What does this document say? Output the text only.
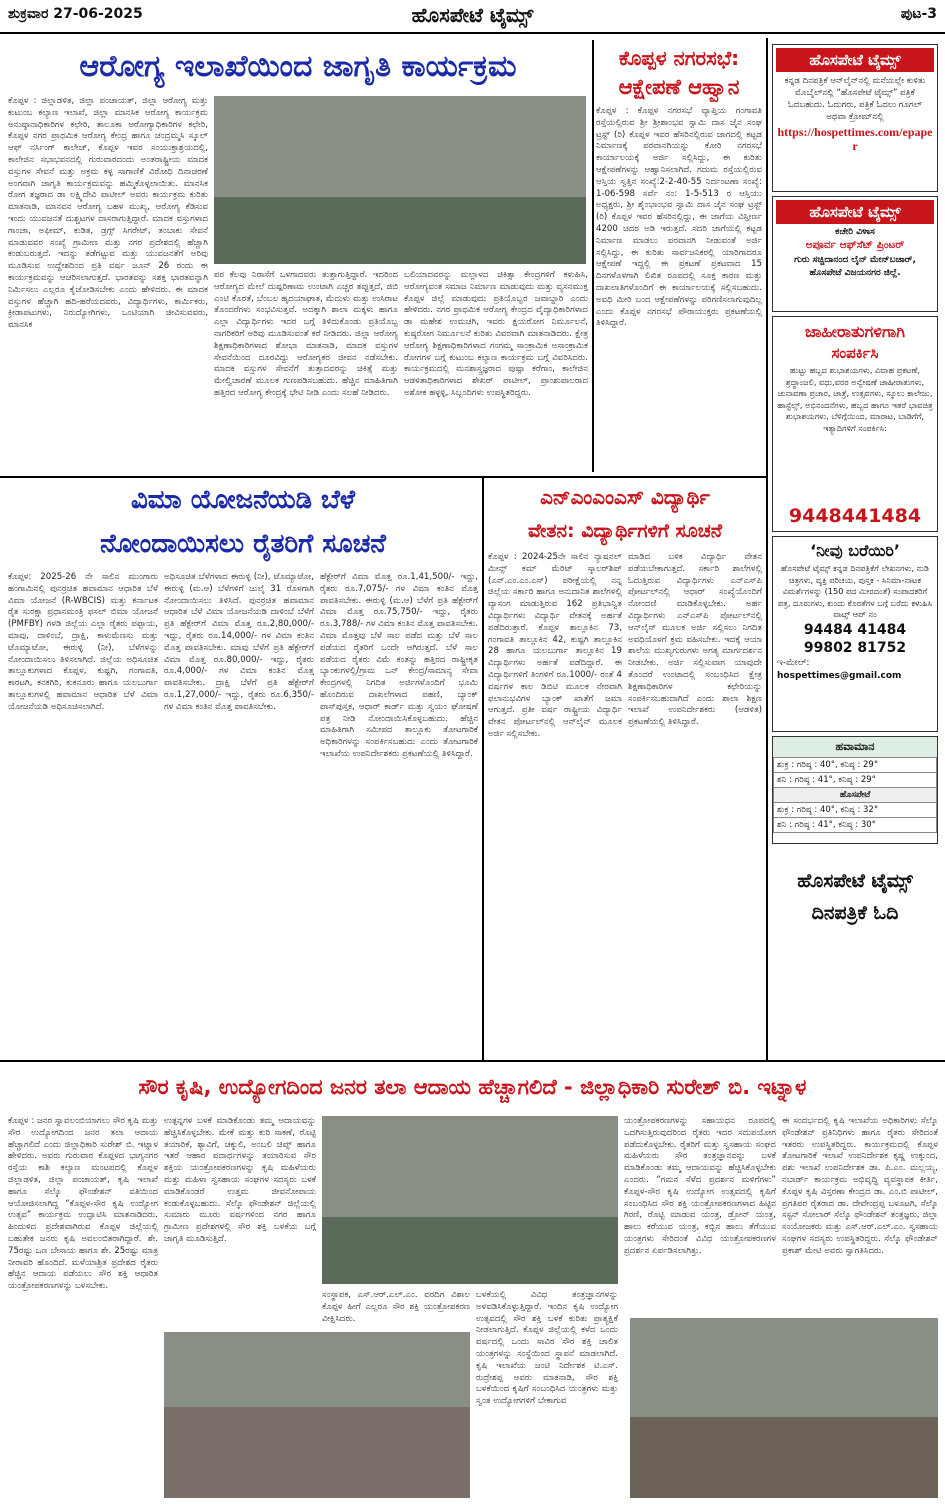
ಶುಕ್ರವಾರ 27-06-2025	ಹೊಸಪೇಟೆ ಟೈಮ್ಸ್	ಪುಟ-3
ಆರೋಗ್ಯ ಇಲಾಖೆಯಿಂದ ಜಾಗೃತಿ ಕಾರ್ಯಕ್ರಮ
ಕೊಪ್ಪಳ : ಜಿಲ್ಲಾಡಳಿತ, ಜಿಲ್ಲಾ ಪಂಚಾಯತ್, ಜಿಲ್ಲಾ ಆರೋಗ್ಯ ಮತ್ತು ಕುಟುಂಬ ಕಲ್ಯಾಣ ಇಲಾಖೆ, ಜಿಲ್ಲಾ ಮಾನಸಿಕ ಆರೋಗ್ಯ ಕಾರ್ಯಕ್ರಮ ಅನುಷ್ಠಾನಾಧಿಕಾರಿಗಳ ಕಛೇರಿ, ತಾಲೂಕಾ ಆರೋಗ್ಯಾಧಿಕಾರಿಗಳ ಕಛೇರಿ, ಕೊಪ್ಪಳ ನಗರ ಪ್ರಾಥಮಿಕ ಆರೋಗ್ಯ ಕೇಂದ್ರ ಹಾಗೂ ಚಂದ್ರಮ್ಮಸಿ ಸ್ಕೂಲ್ ಆಫ್ ನರ್ಸಿಂಗ್ ಕಾಲೇಜ್, ಕೊಪ್ಪಳ ಇವರ ಸಂಯುಕ್ತಾಶ್ರಯದಲ್ಲಿ, ಕಾಲೇಜಿನ ಸಭಾಭವನದಲ್ಲಿ ಗುರುವಾರದಂದು ಅಂತರಾಷ್ಟ್ರೀಯ ಮಾದಕ ವಸ್ತುಗಳ ಸೇವನೆ ಮತ್ತು ಅಕ್ರಮ ಕಳ್ಳ ಸಾಗಾಣಿಕೆ ವಿರೋಧಿ ದಿನಾಚರಣೆ ಅಂಗವಾಗಿ ಜಾಗೃತಿ ಕಾರ್ಯಕ್ರಮವನ್ನು ಹಮ್ಮಿಕೊಳ್ಳಲಾಯಿತು. ಮಾನಸಿಕ ರೋಗ ತಜ್ಞರಾದ ಡಾ ಲಕ್ಷ್ಮಿದೇವಿ ಪಾಟೀಲ್ ಅವರು ಕಾರ್ಯಕ್ರಮ ಕುರಿತು ಮಾತನಾಡಿ, ಮಾನವನ ಆರೋಗ್ಯ ಬಹಳ ಮುಖ್ಯ, ಆರೋಗ್ಯ ಕೆಡಿಸುವ ಇಂದು ಯುವಜನತೆ ದುಶ್ಚಟಗಳ ದಾಸರಾಗುತ್ತಿದ್ದಾರೆ. ಮಾದಕ ವಸ್ತುಗಳಾದ ಗಾಂಜಾ, ಅಫೀಮ್, ಕುಡಿತ, ಡ್ರಗ್ಸ್ ಸಿಗರೇಟ್, ತಂಬಾಕು ಸೇವನೆ ಮಾಡುವವರ ಸಂಖ್ಯೆ ಗ್ರಾಮೀಣ ಮತ್ತು ನಗರ ಪ್ರದೇಶದಲ್ಲಿ ಹೆಚ್ಚಾಗಿ ಕಂಡುಬರುತ್ತದೆ. ಇದನ್ನು ತಡೆಗಟ್ಟುವ ಮತ್ತು ಯುವಜನತೆಗೆ ಅರಿವು ಮೂಡಿಸುವ ಉದ್ದೇಶದಿಂದ ಪ್ರತಿ ವರ್ಷ ಜೂನ್ 26 ರಂದು ಈ ಕಾರ್ಯಕ್ರಮವನ್ನು ಆಚರಿಸಲಾಗುತ್ತದೆ. ಭಾರತವನ್ನು ಸಶಕ್ತ ಭಾರತವನ್ನಾಗಿ ನಿರ್ಮಿಸಲು ಎಲ್ಲರೂ ಕೈಜೋಡಿಸಬೇಕು ಎಂದು ಹೇಳಿದರು. ಈ ಮಾದಕ ವಸ್ತುಗಳ ಹೆಚ್ಚಾಗಿ ಹದಿ-ಹರೆಯದವರು, ವಿದ್ಯಾರ್ಥಿಗಳು, ಕಾರ್ಮಿಕರು, ಕ್ರೀಡಾಪಟುಗಳು, ನಿರುದ್ಯೋಗಿಗಳು, ಒಂಟಿಯಾಗಿ ಜೀವಿಸುವವರು, ಮಾನಸಿಕ
ಪರ ಕೆಲವು ನಿರಾಸೆಗೆ ಒಳಗಾದವರು ತುತ್ತಾಗುತ್ತಿದ್ದಾರೆ. ಇದರಿಂದ ಆರೋಗ್ಯದ ಮೇಲೆ ದುಷ್ಪರಿಣಾಮ ಉಂಟಾಗಿ ಎಚ್ಚರ ತಪ್ಪುತ್ತದೆ, ಜಿಬಿ ಎಂಟಿ ಕೊರತೆ, ಬೆಂಬಲ ಹೃದಯಾಘಾತ, ಮೆದುಳು ಮತ್ತು ಉಸಿರಾಟ ತೊಂದರೆಗಳು ಸಂಭವಿಸುತ್ತವೆ. ಅದಕ್ಕಾಗಿ ಶಾಲಾ ಮಕ್ಕಳು ಹಾಗೂ ಎಲ್ಲಾ ವಿದ್ಯಾರ್ಥಿಗಳು ಇದರ ಬಗ್ಗೆ ತಿಳಿದುಕೊಂಡು ಪ್ರತಿಯೊಬ್ಬ ನಾಗರಿಕರಿಗೆ ಅರಿವು ಮೂಡಿಸುವಂತೆ ಕರೆ ನೀಡಿದರು. ಜಿಲ್ಲಾ ಆರೋಗ್ಯ ಶಿಕ್ಷಣಾಧಿಕಾರಿಗಳಾದ ಶೋಭಾ ಮಾತನಾಡಿ, ಮಾದಕ ವಸ್ತುಗಳ ಸೇವನೆಯಿಂದ ದೂರವಿದ್ದು ಆರೋಗ್ಯಕರ ಜೀವನ ನಡೆಸಬೇಕು. ಮಾದಕ ವಸ್ತುಗಳ ಸೇವನೆಗೆ ತುತ್ತಾದವರನ್ನು ಚಿಕಿತ್ಸೆ ಮತ್ತು ಮೇಲ್ವಿಚಾರಣೆ ಮೂಲಕ ಗುಣಪಡಿಸಬಹುದು. ಹೆಚ್ಚಿನ ಮಾಹಿತಿಗಾಗಿ ಹತ್ತಿರದ ಆರೋಗ್ಯ ಕೇಂದ್ರಕ್ಕೆ ಭೇಟಿ ನೀಡಿ ಎಂದು ಸಲಹೆ ನೀಡಿದರು.
ಬಲಿಯಾದವರನ್ನು ಮಲ್ಲಾಳದ ಚಿಕಿತ್ಸಾ ಕೇಂದ್ರಗಳಿಗೆ ಕಳುಹಿಸಿ, ಆರೋಗ್ಯವಂತ ಸಮಾಜ ನಿರ್ಮಾಣ ಮಾಡುವುದು ಮತ್ತು ವ್ಯಸನಮುಕ್ತ ಕೊಪ್ಪಳ ಜಿಲ್ಲೆ ಮಾಡುವುದು ಪ್ರತಿಯೊಬ್ಬರ ಜವಾಬ್ದಾರಿ ಎಂದು ಹೇಳಿದರು. ನಗರ ಪ್ರಾಥಮಿಕ ಆರೋಗ್ಯ ಕೇಂದ್ರದ ವೈದ್ಯಾಧಿಕಾರಿಗಳಾದ ಡಾ ಮಹೇಶ ಉಮಚಗಿ, ಇವರು ಕ್ಷಯರೋಗ ನಿರ್ಮೂಲನೆ, ಕುಷ್ಠರೋಗ ನಿರ್ಮೂಲನೆ ಕುರಿತು ವಿವರವಾಗಿ ಮಾತನಾಡಿದರು. ಕ್ಷೇತ್ರ ಆರೋಗ್ಯ ಶಿಕ್ಷಣಾಧಿಕಾರಿಗಳಾದ ಗಂಗಮ್ಮ ಸಾಂಕ್ರಾಮಿಕ ಅಸಾಂಕ್ರಾಮಿಕ ರೋಗಗಳ ಬಗ್ಗೆ ಕುಟುಂಬ ಕಲ್ಯಾಣ ಕಾರ್ಯಕ್ರಮ ಬಗ್ಗೆ ವಿವರಿಸಿದರು. ಕಾರ್ಯಕ್ರಮದಲ್ಲಿ ಮನಶಾಸ್ತ್ರಜ್ಞರಾದ ಪುಷ್ಪಾ ಕರೆಗಾಂ, ಕಾಲೇಜಿನ ಆಡಳಿತಾಧಿಕಾರಿಗಳಾದ ಶೇಖರ್ ಪಾಟೀಲ್, ಪ್ರಾಂಶುಪಾಲರಾದ ಅಶೋಕ ಹಳ್ಳಳ್ಳಿ, ಸಿಬ್ಬಂದಿಗಳು ಉಪಸ್ಥಿತರಿದ್ದರು.
ಕೊಪ್ಪಳ ನಗರಸಭೆ:
ಆಕ್ಷೇಪಣೆ ಆಹ್ವಾನ
ಕೊಪ್ಪಳ : ಕೊಪ್ಪಳ ನಗರಸಭೆ ವ್ಯಾಪ್ತಿಯ ಗಂಗಾವತಿ ರಸ್ತೆಯಲ್ಲಿರುವ ಶ್ರೀ ಶ್ರೀಶಾಂಭವ ಸ್ವಾಮಿ ದಾಸ ಜೈನ ಸಂಘ ಟ್ರಸ್ಟ್ (ರಿ) ಕೊಪ್ಪಳ ಇವರ ಹೆಸರಿನಲ್ಲಿರುವ ಜಾಗದಲ್ಲಿ ಕಟ್ಟಡ ನಿರ್ಮಾಣಕ್ಕೆ ಪರವಾನಗಿಯನ್ನು ಕೋರಿ ನಗರಸಭೆ ಕಾರ್ಯಾಲಯಕ್ಕೆ ಅರ್ಜಿ ಸಲ್ಲಿಸಿದ್ದು, ಈ ಕುರಿತು ಆಕ್ಷೇಪಣೆಗಳನ್ನು ಆಹ್ವಾನಿಸಲಾಗಿದೆ. ಗದುಮ ರಸ್ತೆಯಲ್ಲಿರುವ ಆಸ್ತಿಯ ಸ್ವತ್ತಿನ ಸಂಖ್ಯೆ:2-2-40-55 ನಿರ್ದಂಟಣಾ ಸಂಖ್ಯೆ: 1-06-598 ಸರ್ವೆ ನಂ: 1-5-513 ರ ಆಸ್ತಿಯು ಅಧ್ಯಕ್ಷರು, ಶ್ರೀ ಶೈಂಭಾಂಭವ ಸ್ವಾಮಿ ದಾಸ ಜೈನ ಸಂಘ ಟ್ರಸ್ಟ್ (ರಿ) ಕೊಪ್ಪಳ ಇವರ ಹೆಸರಿನಲ್ಲಿದ್ದು, ಈ ಜಾಗೆಯ ವಿಸ್ತೀರ್ಣ 4200 ಚದರ ಅಡಿ ಇರುತ್ತದೆ. ಸದರಿ ಜಾಗೆಯಲ್ಲಿ ಕಟ್ಟಡ ನಿರ್ಮಾಣ ಮಾಡಲು ಪರವಾನಗಿ ನೀಡುವಂತೆ ಅರ್ಜಿ ಸಲ್ಲಿಸಿದ್ದು, ಈ ಕುರಿತು ಸಾರ್ವಜನಿಕರಲ್ಲಿ ಯಾರಿಗಾದರೂ ಆಕ್ಷೇಪಣೆ ಇದ್ದಲ್ಲಿ ಈ ಪ್ರಕಟಣೆ ಪ್ರಕಟವಾದ 15 ದಿನಗಳೊಳಗಾಗಿ ಲಿಖಿತ ರೂಪದಲ್ಲಿ ಸೂಕ್ತ ಕಾರಣ ಮತ್ತು ದಾಖಲಾತಿಗಳೊಂದಿಗೆ ಈ ಕಾರ್ಯಾಲಯಕ್ಕೆ ಸಲ್ಲಿಸಬಹುದು. ಅವಧಿ ಮೀರಿ ಬಂದ ಆಕ್ಷೇಪಣೆಗಳನ್ನು ಪರಿಗಣಿಸಲಾಗುವುದಿಲ್ಲ ಎಂದು ಕೊಪ್ಪಳ ನಗರಸಭೆ ಪೌರಾಯುಕ್ತರು ಪ್ರಕಟಣೆಯಲ್ಲಿ ತಿಳಿಸಿದ್ದಾರೆ.
ವಿಮಾ ಯೋಜನೆಯಡಿ ಬೆಳೆ
ನೋಂದಾಯಿಸಲು ರೈತರಿಗೆ ಸೂಚನೆ
ಕೊಪ್ಪಳ: 2025-26 ನೇ ಸಾಲಿನ ಮುಂಗಾರು ಹಂಗಾಮಿನಲ್ಲಿ ಪುನರ್ರಚಿತ ಹವಾಮಾನ ಆಧಾರಿತ ಬೆಳೆ ವಿಮಾ ಯೋಜನೆ (R-WBCIS) ಮತ್ತು ಕರ್ನಾಟಕ ರೈತ ಸುರಕ್ಷಾ ಪ್ರಧಾನಮಂತ್ರಿ ಫಸಲ್ ಬಿಮಾ ಯೋಜನೆ (PMFBY) ಗಳಡಿ ಜಿಲ್ಲೆಯ ಎಲ್ಲಾ ರೈತರು ಪಪ್ಪಾಯ, ಮಾವು, ದಾಳಿಂಬೆ, ದ್ರಾಕ್ಷಿ, ಕಾಳುಮೆಣಸು ಮತ್ತು ಟೊಮ್ಯಾಟೋ, ಈರುಳ್ಳಿ (ನೀ), ಬೆಳೆಗಳನ್ನು ನೋಂದಾಯಿಸಲು ತಿಳಿಸಲಾಗಿದೆ. ಜಿಲ್ಲೆಯ ಅಧಿಸೂಚಿತ ತಾಲ್ಲೂಕುಗಳಾದ ಕೊಪ್ಪಳ, ಕುಷ್ಟಗಿ, ಗಂಗಾವತಿ, ಕಾರಟಗಿ, ಕನಕಗಿರಿ, ಕುಕನೂರು ಹಾಗೂ ಯಲಬುರ್ಗಾ ತಾಲ್ಲೂಕುಗಳಲ್ಲಿ ಹವಾಮಾನ ಆಧಾರಿತ ಬೆಳೆ ವಿಮಾ ಯೋಜನೆಯಡಿ ಅಧಿಸೂಚಿಸಲಾಗಿದೆ.
ಅಧಿಸೂಚಿತ ಬೆಳೆಗಳಾದ ಈರುಳ್ಳಿ (ನೀ), ಟೊಮ್ಯಾಟೋ, ಈರುಳ್ಳಿ (ಮ.ಆ) ಬೆಳೆಗಳಿಗೆ ಜುಲೈ 31 ರೊಳಗಾಗಿ ನೋಂದಾಯಿಸಲು ತಿಳಿಸಿದೆ. ಪುನರ್ರಚಿತ ಹವಾಮಾನ ಆಧಾರಿತ ಬೆಳೆ ವಿಮಾ ಯೋಜನೆಯಡಿ ದಾಳಿಂಬೆ ಬೆಳೆಗೆ ಪ್ರತಿ ಹೆಕ್ಟೇರ್‌ಗೆ ವಿಮಾ ಮೊತ್ತ ರೂ.2,80,000/- ಇದ್ದು, ರೈತರು ರೂ.14,000/- ಗಳ ವಿಮಾ ಕಂತಿನ ಮೊತ್ತ ಪಾವತಿಸಬೇಕು. ಮಾವು ಬೆಳೆಗೆ ಪ್ರತಿ ಹೆಕ್ಟೇರ್‌ಗೆ ವಿಮಾ ಮೊತ್ತ ರೂ.80,000/- ಇದ್ದು, ರೈತರು ರೂ.4,000/- ಗಳ ವಿಮಾ ಕಂತಿನ ಮೊತ್ತ ಪಾವತಿಸಬೇಕು. ದ್ರಾಕ್ಷಿ ಬೆಳೆಗೆ ಪ್ರತಿ ಹೆಕ್ಟೇರ್‌ಗೆ ರೂ.1,27,000/- ಇದ್ದು, ರೈತರು ರೂ.6,350/- ಗಳ ವಿಮಾ ಕಂತಿನ ಮೊತ್ತ ಪಾವತಿಸಬೇಕು.
ಹೆಕ್ಟೇರ್‌ಗೆ ವಿಮಾ ಮೊತ್ತ ರೂ.1,41,500/- ಇದ್ದು, ರೈತರು ರೂ.7,075/- ಗಳ ವಿಮಾ ಕಂತಿನ ಮೊತ್ತ ಪಾವತಿಸಬೇಕು. ಈರುಳ್ಳಿ (ಮ.ಆ) ಬೆಳೆಗೆ ಪ್ರತಿ ಹೆಕ್ಟೇರ್‌ಗೆ ವಿಮಾ ಮೊತ್ತ ರೂ.75,750/- ಇದ್ದು, ರೈತರು ರೂ.3,788/- ಗಳ ವಿಮಾ ಕಂತಿನ ಮೊತ್ತ ಪಾವತಿಸಬೇಕು. ವಿಮಾ ಮೊತ್ತವು ಬೆಳೆ ಸಾಲ ಪಡೆದ ಮತ್ತು ಬೆಳೆ ಸಾಲ ಪಡೆಯದ ರೈತರಿಗೆ ಒಂದೇ ಆಗಿರುತ್ತದೆ. ಬೆಳೆ ಸಾಲ ಪಡೆಯದ ರೈತರು ವಿಮೆ ಕಂತನ್ನು ಹತ್ತಿರದ ರಾಷ್ಟ್ರೀಕೃತ ಬ್ಯಾಂಕುಗಳಲ್ಲಿ/ಗ್ರಾಮ ಒನ್ ಕೇಂದ್ರ/ಸಾಮಾನ್ಯ ಸೇವಾ ಕೇಂದ್ರಗಳಲ್ಲಿ ನಿಗದಿತ ಅರ್ಜಿಗಳೊಂದಿಗೆ ಭೂಮಿ ಹೊಂದಿರುವ ದಾಖಲೆಗಳಾದ ಪಹಣಿ, ಬ್ಯಾಂಕ್ ಪಾಸ್‌ಪುಸ್ತಕ, ಆಧಾರ್ ಕಾರ್ಡ್ ಮತ್ತು ಸ್ವಯಂ ಘೋಷಣೆ ಪತ್ರ ನೀಡಿ ನೋಂದಾಯಿಸಿಕೊಳ್ಳಬಹುದು. ಹೆಚ್ಚಿನ ಮಾಹಿತಿಗಾಗಿ ಸಮೀಪದ ತಾಲ್ಲೂಕು ತೋಟಗಾರಿಕೆ ಅಧಿಕಾರಿಗಳನ್ನು ಸಂಪರ್ಕಿಸಬಹುದು ಎಂದು ತೋಟಗಾರಿಕೆ ಇಲಾಖೆಯ ಉಪನಿರ್ದೇಶಕರು ಪ್ರಕಟಣೆಯಲ್ಲಿ ತಿಳಿಸಿದ್ದಾರೆ.
ಎನ್‌ಎಂಎಂಎಸ್ ವಿದ್ಯಾರ್ಥಿ
ವೇತನ: ವಿದ್ಯಾರ್ಥಿಗಳಿಗೆ ಸೂಚನೆ
ಕೊಪ್ಪಳ : 2024-25ನೇ ಸಾಲಿನ ನ್ಯಾಷನಲ್ ಮೀನ್ಸ್ ಕಮ್ ಮೆರಿಟ್ ಸ್ಕಾಲರ್‌ಶಿಪ್ (ಎನ್.ಎಂ.ಎಂ.ಎಸ್) ಪರೀಕ್ಷೆಯಲ್ಲಿ ನನ್ನ ಜಿಲ್ಲೆಯ ಸರ್ಕಾರಿ ಹಾಗೂ ಅನುದಾನಿತ ಶಾಲೆಗಳಲ್ಲಿ ವ್ಯಾಸಂಗ ಮಾಡುತ್ತಿರುವ 162 ಪ್ರತಿಭಾನ್ವಿತ ವಿದ್ಯಾರ್ಥಿಗಳು ವಿದ್ಯಾರ್ಥಿ ವೇತನಕ್ಕೆ ಅರ್ಹತೆ ಪಡೆದಿರುತ್ತಾರೆ. ಕೊಪ್ಪಳ ತಾಲ್ಲೂಕಿನ 73, ಗಂಗಾವತಿ ತಾಲ್ಲೂಕಿನ 42, ಕುಷ್ಟಗಿ ತಾಲ್ಲೂಕಿನ 28 ಹಾಗೂ ಯಲಬುರ್ಗಾ ತಾಲ್ಲೂಕಿನ 19 ವಿದ್ಯಾರ್ಥಿಗಳು ಅರ್ಹತೆ ಪಡೆದಿದ್ದಾರೆ. ಈ ವಿದ್ಯಾರ್ಥಿಗಳಿಗೆ ತಿಂಗಳಿಗೆ ರೂ.1000/- ರಂತೆ 4 ವರ್ಷಗಳ ಕಾಲ ಡಿಬಿಟಿ ಮೂಲಕ ನೇರವಾಗಿ ಫಲಾನುಭವಿಗಳ ಬ್ಯಾಂಕ್ ಖಾತೆಗೆ ಜಮಾ ಆಗುತ್ತದೆ. ಪ್ರತೀ ವರ್ಷ ರಾಷ್ಟ್ರೀಯ ವಿದ್ಯಾರ್ಥಿ ವೇತನ ಪೋರ್ಟಲ್‌ನಲ್ಲಿ ಆನ್‌ಲೈನ್ ಮೂಲಕ ಅರ್ಜಿ ಸಲ್ಲಿಸಬೇಕು.
ಮಾಡಿದ ಬಳಿಕ ವಿದ್ಯಾರ್ಥಿ ವೇತನ ಪಡೆಯಬೇಕಾಗುತ್ತದೆ. ಸರ್ಕಾರಿ ಶಾಲೆಗಳಲ್ಲಿ ಓದುತ್ತಿರುವ ವಿದ್ಯಾರ್ಥಿಗಳು ಎನ್‌ಎಸ್‌ಪಿ ಪೋರ್ಟಲ್‌ನಲ್ಲಿ ಆಧಾರ್ ಸಂಖ್ಯೆಯೊಂದಿಗೆ ನೋಂದಣಿ ಮಾಡಿಕೊಳ್ಳಬೇಕು. ಅರ್ಹ ವಿದ್ಯಾರ್ಥಿಗಳು ಎನ್‌ಎಸ್‌ಪಿ ಪೋರ್ಟಲ್‌ನಲ್ಲಿ ಆನ್‌ಲೈನ್ ಮೂಲಕ ಅರ್ಜಿ ಸಲ್ಲಿಸಲು ನಿಗದಿತ ಅವಧಿಯೊಳಗೆ ಕ್ರಮ ವಹಿಸಬೇಕು. ಇದಕ್ಕೆ ಆಯಾ ಶಾಲೆಯ ಮುಖ್ಯಗುರುಗಳು ಅಗತ್ಯ ಮಾರ್ಗದರ್ಶನ ನೀಡಬೇಕು. ಅರ್ಜಿ ಸಲ್ಲಿಸುವಾಗ ಯಾವುದೇ ತೊಂದರೆ ಉಂಟಾದಲ್ಲಿ ಸಂಬಂಧಿಸಿದ ಕ್ಷೇತ್ರ ಶಿಕ್ಷಣಾಧಿಕಾರಿಗಳ ಕಛೇರಿಯನ್ನು ಸಂಪರ್ಕಿಸಬಹುದಾಗಿದೆ ಎಂದು ಶಾಲಾ ಶಿಕ್ಷಣ ಇಲಾಖೆ ಉಪನಿರ್ದೇಶಕರು (ಆಡಳಿತ) ಪ್ರಕಟಣೆಯಲ್ಲಿ ತಿಳಿಸಿದ್ದಾರೆ.
ಹೊಸಪೇಟೆ ಟೈಮ್ಸ್
ಕನ್ನಡ ದಿನಪತ್ರಿಕೆ ಆನ್‌ಲೈನ್‌ನಲ್ಲಿ ಮನೆಯಲ್ಲೇ ಕುಳಿತು ಮೊಬೈಲ್‌ನಲ್ಲಿ “ಹೊಸಪೇಟೆ ಟೈಮ್ಸ್” ಪತ್ರಿಕೆ ಓದಬಹುದು. ಓದುಗರು, ಪತ್ರಿಕೆ ಓದಲು ಗೂಗಲ್ ಅಥವಾ ಕ್ರೋಮ್‌ನಲ್ಲಿ
https://hospettimes.com/epaper
ಹೊಸಪೇಟೆ ಟೈಮ್ಸ್
ಕಚೇರಿ ವಿಳಾಸ
ಅಪೂರ್ವ ಆಫ್‌ಸೆಟ್ ಪ್ರಿಂಟರ್
ಗುರು ಸಚ್ಚಿದಾನಂದ ಲೈನ್ ಮೇನ್‌ಬಜಾರ್, ಹೊಸಪೇಟೆ ವಿಜಯನಗರ ಜಿಲ್ಲೆ.
ಜಾಹೀರಾತುಗಳಿಗಾಗಿ
ಸಂಪರ್ಕಿಸಿ
ಹುಟ್ಟು ಹಬ್ಬದ ಶುಭಾಶಯಗಳು, ವಿವಾಹ ಪ್ರಕಟಣೆ, ಶ್ರದ್ಧಾಂಜಲಿ, ವಧು,ವರರ ಅನ್ವೇಷಣೆ ಜಾಹೀರಾತುಗಳು, ಚುನಾವಣಾ ಪ್ರಚಾರ, ಜಾತ್ರೆ, ಉತ್ಸವಗಳು, ಸ್ಕೂಲು ಕಾಲೇಜು, ಹಾಸ್ಟೆಲ್ಸ್, ಅಭಿನಂದನೆಗಳು, ಹಬ್ಬದ ಹಾಗೂ ಇತರೆ ಭಾವಚಿತ್ರ ಶುಭಾಶಯಗಳು, ಬೆಳಿಗ್ಗೆಯಿಂದ, ಮಾರಾಟ, ಬಾಡಿಗೆಗೆ, ಇತ್ಯಾದಿಗಳಿಗೆ ಸಂಪರ್ಕಿಸಿ:
9448441484
‘ನೀವು ಬರೆಯಿರಿ’
ಹೊಸಪೇಟೆ ಟೈಮ್ಸ್ ಕನ್ನಡ ದಿನಪತ್ರಿಕೆಗೆ ಲೇಖನಗಳು, ನುಡಿ ಚಿತ್ರಗಳು, ವ್ಯಕ್ತಿ ಪರಿಚಯ, ಪುಸ್ತಕ - ಸಿನಿಮಾ-ನಾಟಕ ವಿಮರ್ಶೆಗಳನ್ನು (150 ಪದ ಮೀರದಂತೆ) ಸಂಪಾದಕರಿಗೆ ಪತ್ರ, ದೂರುಗಳು, ಕುಂದು ಕೊರತೆಗಳ ಬಗ್ಗೆ ಬರೆದು ಕಳುಹಿಸಿ ವಾಟ್ಸ್ ಆಪ್ ನಂ
94484 41484
99802 81752
ಇ-ಮೇಲ್: hospettimes@gmail.com
ಹವಾಮಾನ
ಶುಕ್ರ : ಗರಿಷ್ಠ : 40°, ಕನಿಷ್ಠ : 29°
ಶನಿ : ಗರಿಷ್ಠ : 41°, ಕನಿಷ್ಠ : 29°
ಹೊಸಪೇಟೆ
ಶುಕ್ರ : ಗರಿಷ್ಠ : 40°, ಕನಿಷ್ಠ : 32°
ಶನಿ : ಗರಿಷ್ಠ : 41°, ಕನಿಷ್ಠ : 30°
ಹೊಸಪೇಟೆ ಟೈಮ್ಸ್
ದಿನಪತ್ರಿಕೆ ಓದಿ
ಸೌರ ಕೃಷಿ, ಉದ್ಯೋಗದಿಂದ ಜನರ ತಲಾ ಆದಾಯ ಹೆಚ್ಚಾಗಲಿದೆ - ಜಿಲ್ಲಾಧಿಕಾರಿ ಸುರೇಶ್ ಬಿ. ಇಟ್ನಾಳ
ಕೊಪ್ಪಳ : ಜನರ ಸ್ವಾವಲಂಬಿಯಾಗಲು ಸೌರ ಕೃಷಿ ಮತ್ತು ಸೌರ ಉದ್ಯೋಗದಿಂದ ಜನರ ತಲಾ ಆದಾಯ ಹೆಚ್ಚಾಗಲಿದೆ ಎಂದು ಜಿಲ್ಲಾಧಿಕಾರಿ ಸುರೇಶ್ ಬಿ. ಇಟ್ನಾಳ ಹೇಳಿದರು. ಅವರು ಗುರುವಾರ ಕೊಪ್ಪಳದ ಭಾಗ್ಯನಗರ ರಸ್ತೆಯ ಕಾಶಿ ಕಲ್ಯಾಣ ಮಂಟಪದಲ್ಲಿ ಕೊಪ್ಪಳ ಜಿಲ್ಲಾಡಳಿತ, ಜಿಲ್ಲಾ ಪಂಚಾಯತ್, ಕೃಷಿ ಇಲಾಖೆ ಹಾಗೂ ಸೆಲ್ಕೊ ಫೌಂಡೇಶನ್ ವತಿಯಿಂದ ಆಯೋಜಿಸಲಾಗಿದ್ದ “ಕೊಪ್ಪಳ-ಸೌರ ಕೃಷಿ ಉದ್ಯೋಗ ಉತ್ಸವ” ಕಾರ್ಯಕ್ರಮ ಉದ್ಘಾಟಿಸಿ ಮಾತನಾಡಿದರು. ಹಿಂದುಳಿದ ಪ್ರದೇಶವಾಗಿರುವ ಕೊಪ್ಪಳ ಜಿಲ್ಲೆಯಲ್ಲಿ ಬಹುತೇಕ ಜನರು ಕೃಷಿ ಅವಲಂಬಿತರಾಗಿದ್ದಾರೆ. ಶೇ. 75ರಷ್ಟು ಒಣ ಬೇಸಾಯ ಹಾಗೂ ಶೇ. 25ರಷ್ಟು ಮಾತ್ರ ನೀರಾವರಿ ಹೊಂದಿದೆ. ಮಳೆಯಾಶ್ರಿತ ಪ್ರದೇಶದ ರೈತರು ಹೆಚ್ಚಿನ ಆದಾಯ ಪಡೆಯಲು ಸೌರ ಶಕ್ತಿ ಆಧಾರಿತ ಯಂತ್ರೋಪಕರಣಗಳನ್ನು ಬಳಸಬೇಕು.
ಉತ್ಪನ್ನಗಳ ಬಳಕೆ ಮಾಡಿಕೊಂಡು ತಮ್ಮ ಆದಾಯವನ್ನು ಹೆಚ್ಚಿಸಿಕೊಳ್ಳಬೇಕು. ಮೇಕೆ ಮತ್ತು ಕುರಿ ಸಾಕಣೆ, ರೊಟ್ಟಿ ತಯಾರಿಕೆ, ಶ್ಯಾವಿಗೆ, ಚಕ್ಕುಲಿ, ಅಂಬಲಿ ಚಿಪ್ಸ್ ಹಾಗೂ ಇತರೆ ಆಹಾರ ಪದಾರ್ಥಗಳನ್ನು ತಯಾರಿಸುವ ಸೌರ ಶಕ್ತಿಯ ಯಂತ್ರೋಪಕರಣಗಳನ್ನು ಕೃಷಿ ಮಹಿಳೆಯರು ಮತ್ತು ಮಹಿಳಾ ಸ್ವಸಹಾಯ ಸಂಘಗಳ ಸದಸ್ಯರು ಬಳಕೆ ಮಾಡಿಕೊಂಡರೆ ಉತ್ತಮ ಜೀವನೋಪಾಯ ಕಂಡುಕೊಳ್ಳಬಹುದು. ಸೆಲ್ಕೊ ಫೌಂಡೇಶನ್ ಜಿಲ್ಲೆಯಲ್ಲಿ ಸುಮಾರು ಮೂರು ವರ್ಷಗಳಿಂದ ನಗರ ಹಾಗೂ ಗ್ರಾಮೀಣ ಪ್ರದೇಶಗಳಲ್ಲಿ ಸೌರ ಶಕ್ತಿ ಬಳಕೆಯ ಬಗ್ಗೆ ಜಾಗೃತಿ ಮೂಡಿಸುತ್ತಿದೆ.
ಸಂಸ್ಥಾಪಕ, ಎಸ್.ಆರ್.ಎಲ್.ಎಂ. ವರದಿಗ ವಿಶಾಲ ಕೊಪ್ಪಳ ಹೀಗೆ ಎಲ್ಲರೂ ಸೌರ ಶಕ್ತಿ ಯಂತ್ರೋಪಕರಣ ವೀಕ್ಷಿಸಿದರು.
ಬಳಕೆಯಲ್ಲಿ ವಿವಿಧ ತಂತ್ರಜ್ಞಾನಗಳನ್ನು ಅಳವಡಿಸಿಕೊಳ್ಳುತ್ತಿದ್ದಾರೆ. ಇಂದಿನ ಕೃಷಿ ಉದ್ಯೋಗ ಉತ್ಸವದಲ್ಲಿ ಸೌರ ಶಕ್ತಿ ಬಳಕೆ ಕುರಿತು ಪ್ರಾತ್ಯಕ್ಷಿಕೆ ನೀಡಲಾಗುತ್ತಿದೆ. ಕೊಪ್ಪಳ ಜಿಲ್ಲೆಯಲ್ಲಿ ಕಳೆದ ಒಂದು ವರ್ಷದಲ್ಲಿ ಒಂದು ಸಾವಿರ ಸೌರ ಶಕ್ತಿ ಚಾಲಿತ ಯಂತ್ರಗಳನ್ನು ಸಂಸ್ಥೆಯಿಂದ ಸ್ಥಾಪನೆ ಮಾಡಲಾಗಿದೆ. ಕೃಷಿ ಇಲಾಖೆಯ ಜಂಟಿ ನಿರ್ದೇಶಕ ಟಿ.ಎಸ್. ರುದ್ರೇಶಪ್ಪ ಅವರು ಮಾತನಾಡಿ, ಸೌರ ಶಕ್ತಿ ಬಳಕೆಯಿಂದ ಕೃಷಿಗೆ ಸಂಬಂಧಿಸಿದ ಯಂತ್ರಗಳು ಮತ್ತು ಸ್ವಂತ ಉದ್ಯೋಗಗಳಿಗೆ ಬೇಕಾಗುವ
ಯಂತ್ರೋಪಕರಣಗಳನ್ನು ಸಹಾಯಧನ ರೂಪದಲ್ಲಿ ಒದಗಿಸುತ್ತಿರುವುದರಿಂದ ರೈತರು ಇದರ ಸದುಪಯೋಗ ಪಡೆದುಕೊಳ್ಳಬೇಕು. ರೈತರಿಗೆ ಮತ್ತು ಸ್ವಸಹಾಯ ಸಂಘದ ಮಹಿಳೆಯರು ಸೌರ ತಂತ್ರಜ್ಞಾನವನ್ನು ಬಳಕೆ ಮಾಡಿಕೊಂಡು ತಮ್ಮ ಆದಾಯವನ್ನು ಹೆಚ್ಚಿಸಿಕೊಳ್ಳಬೇಕು ಎಂದರು. “ಗಮನ ಸೆಳೆದ ಪ್ರದರ್ಶನ ಮಳಿಗೆಗಳು” ಕೊಪ್ಪಳ-ಸೌರ ಕೃಷಿ ಉದ್ಯೋಗ ಉತ್ಸವದಲ್ಲಿ ಕೃಷಿಗೆ ಸಂಬಂಧಿಸಿದ ಸೌರ ಶಕ್ತಿ ಯಂತ್ರೋಪಕರಣಗಳಾದ ಹಿಟ್ಟಿನ ಗಿರಣಿ, ರೊಟ್ಟಿ ಮಾಡುವ ಯಂತ್ರ, ಡ್ರೋನ್ ಯಂತ್ರ, ಹಾಲು ಕರೆಯುವ ಯಂತ್ರ, ಕಬ್ಬಿನ ಹಾಲು ತೆಗೆಯುವ ಯಂತ್ರಗಳು ಸೇರಿದಂತೆ ವಿವಿಧ ಯಂತ್ರೋಪಕರಣಗಳ ಪ್ರದರ್ಶನ ಏರ್ಪಡಿಸಲಾಗಿತ್ತು.
ಈ ಸಂದರ್ಭದಲ್ಲಿ ಕೃಷಿ ಇಲಾಖೆಯ ಅಧಿಕಾರಿಗಳು ಸೆಲ್ಕೊ ಫೌಂಡೇಶನ್ ಪ್ರತಿನಿಧಿಗಳು ಹಾಗೂ ರೈತರು ಸೇರಿದಂತೆ ಇತರರು ಉಪಸ್ಥಿತರಿದ್ದರು. ಕಾರ್ಯಕ್ರಮದಲ್ಲಿ ಕೊಪ್ಪಳ ತೋಟಗಾರಿಕೆ ಇಲಾಖೆ ಉಪನಿರ್ದೇಶಕ ಕೃಷ್ಣ ಉಕ್ಕುಂದ, ಪಶು ಇಲಾಖೆ ಉಪನಿರ್ದೇಶಕ ಡಾ. ಪಿ.ಎಂ. ಮಲ್ಲಯ್ಯ, ನಬಾರ್ಡ್ ಕಾರ್ಯಕ್ರಮ ಅಭಿವೃದ್ಧಿ ವ್ಯವಸ್ಥಾಪಕ ಕೀರ್ತಿ, ಕೊಪ್ಪಳ ಕೃಷಿ ವಿಸ್ತರಣಾ ಕೇಂದ್ರದ ಡಾ. ಎಂ.ಬಿ ಪಾಟೀಲ್, ಪ್ರಗತಿಪರ ರೈತರಾದ ಡಾ. ದೇವೇಂದ್ರಪ್ಪ ಬಳೂಟಗಿ, ಸೆಲ್ಕೊ ಸಸ್ಟನ್ ಸೋಲಾರ್ ಸೆಲ್ಕೊ ಫೌಂಡೇಶನ್ ತಂತ್ರಜ್ಞರು, ಜಿಲ್ಲಾ ಸಂಯೋಜಕರು ಮತ್ತು ಎಸ್.ಆರ್.ಎಲ್.ಎಂ. ಸ್ವಸಹಾಯ ಸಂಘಗಳ ಸದಸ್ಯರು ಉಪಸ್ಥಿತರಿದ್ದರು. ಸೆಲ್ಕೊ ಫೌಂಡೇಶನ್ ಪ್ರಕಾಶ್ ಮೇಟಿ ಅವರು ಸ್ವಾಗತಿಸಿದರು.
